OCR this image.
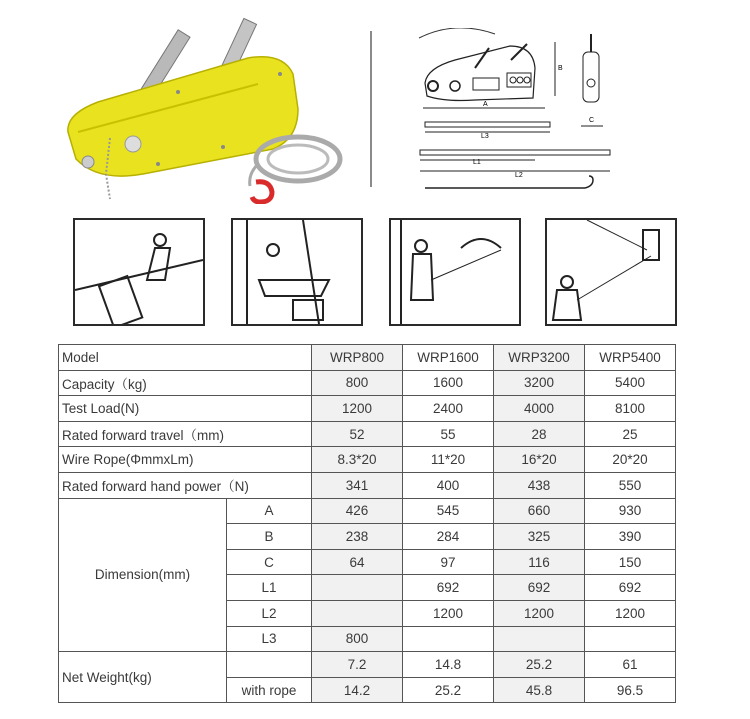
A
B
C
L3
L1
L2
Model		WRP800	WRP1600	WRP3200	WRP5400
Capacity（kg)		800	1600	3200	5400
Test Load(N)		1200	2400	4000	8100
Rated forward travel（mm)		52	55	28	25
Wire Rope(ΦmmxLm)		8.3*20	11*20	16*20	20*20
Rated forward hand power（N)		341	400	438	550
Dimension(mm)	A	426	545	660	930
	B	238	284	325	390
	C	64	97	116	150
	L1		692	692	692
	L2		1200	1200	1200
	L3	800			
Net Weight(kg)		7.2	14.8	25.2	61
	with rope	14.2	25.2	45.8	96.5
